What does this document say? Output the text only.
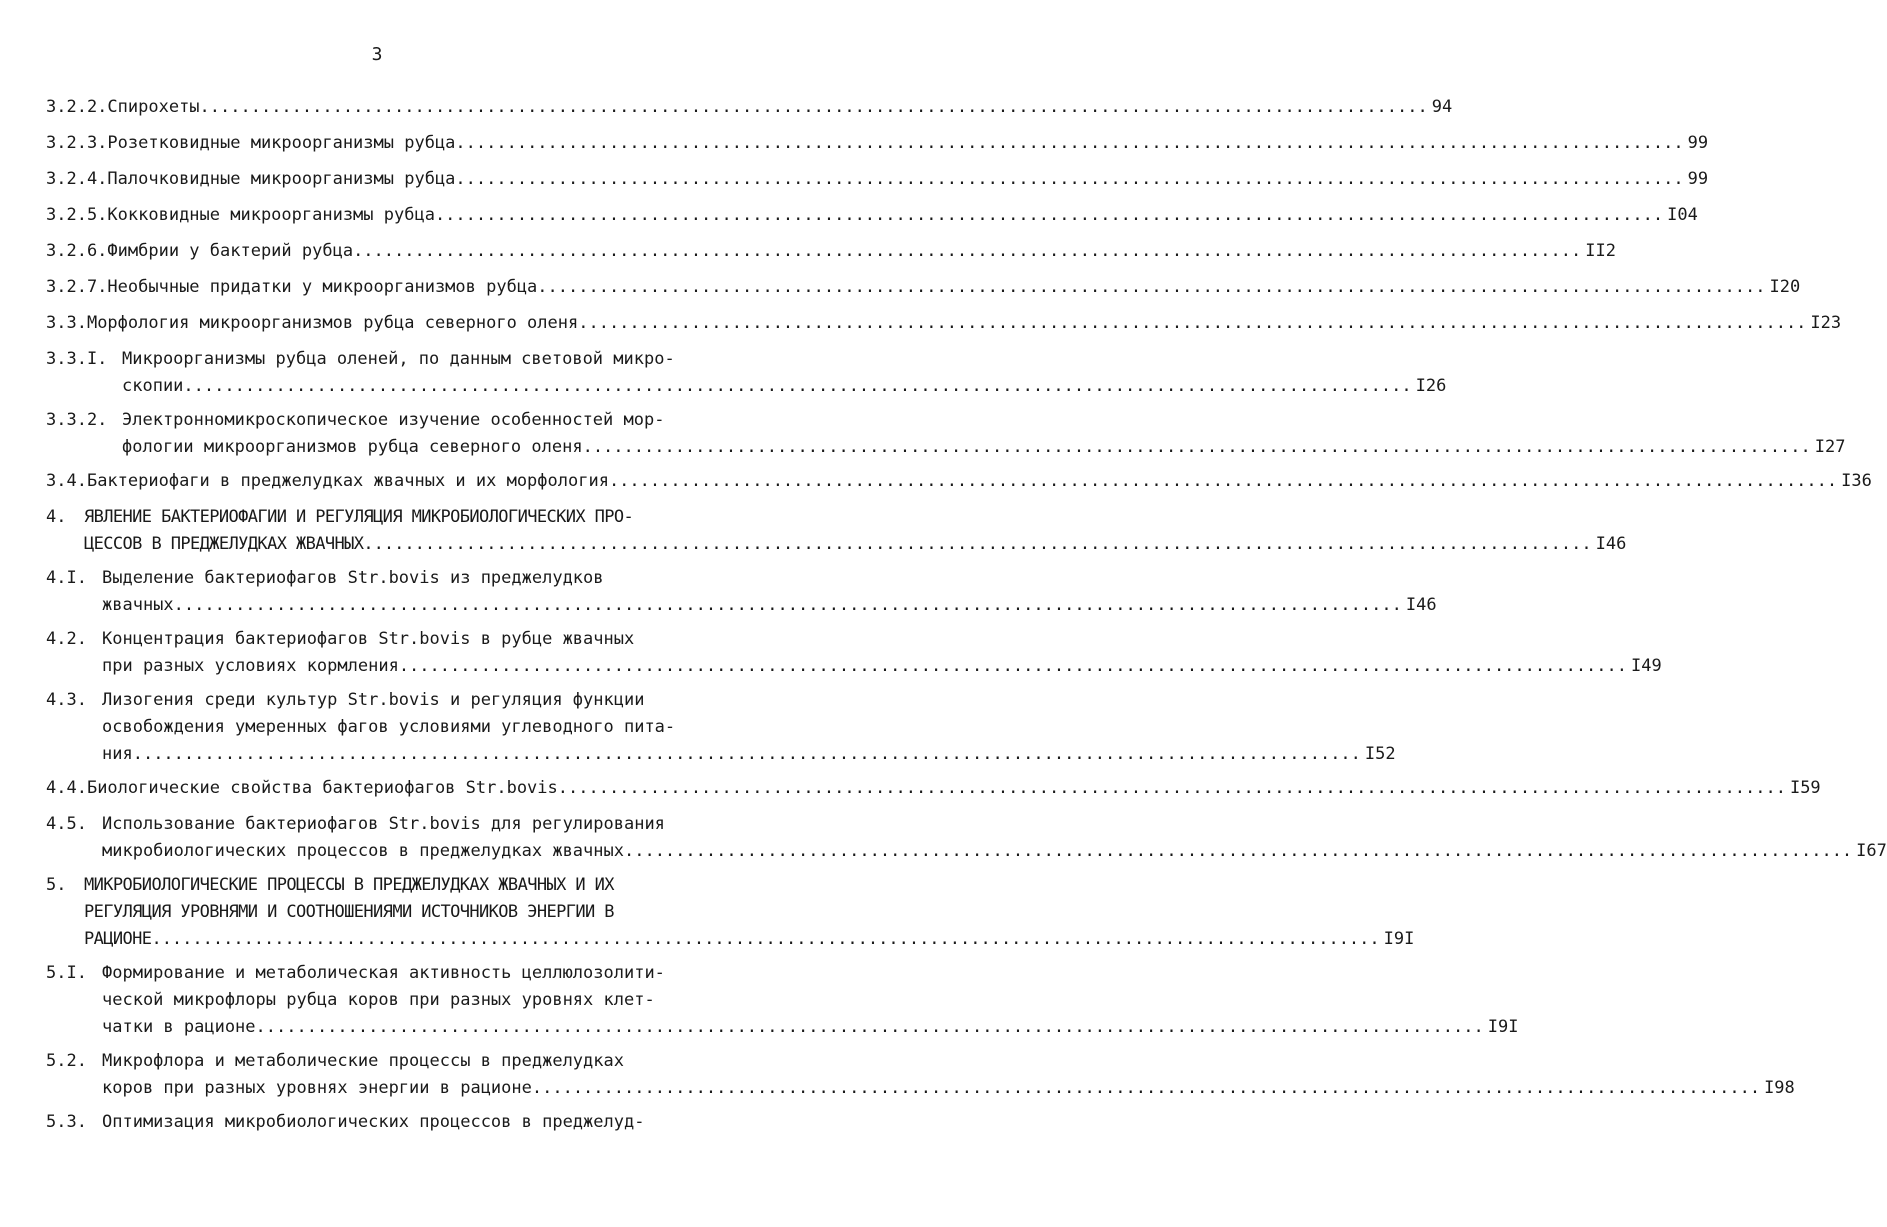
3
3.2.2. Спирохеты ........................................................................................................................ 94
3.2.3. Розетковидные микроорганизмы рубца ........................................................................................................................ 99
3.2.4. Палочковидные микроорганизмы рубца ........................................................................................................................ 99
3.2.5. Кокковидные микроорганизмы рубца ........................................................................................................................ I04
3.2.6. Фимбрии у бактерий рубца ........................................................................................................................ II2
3.2.7. Необычные придатки у микроорганизмов рубца ........................................................................................................................ I20
3.3. Морфология микроорганизмов рубца северного оленя ........................................................................................................................ I23
3.3.I. Микроорганизмы рубца оленей, по данным световой микро-
скопии ........................................................................................................................ I26
3.3.2. Электронномикроскопическое изучение особенностей мор-
фологии микроорганизмов рубца северного оленя ........................................................................................................................ I27
3.4. Бактериофаги в преджелудках жвачных и их морфология ........................................................................................................................ I36
4. ЯВЛЕНИЕ БАКТЕРИОФАГИИ И РЕГУЛЯЦИЯ МИКРОБИОЛОГИЧЕСКИХ ПРО-
ЦЕССОВ В ПРЕДЖЕЛУДКАХ ЖВАЧНЫХ ........................................................................................................................ I46
4.I. Выделение бактериофагов Str.bovis из преджелудков
жвачных ........................................................................................................................ I46
4.2. Концентрация бактериофагов Str.bovis в рубце жвачных
при разных условиях кормления ........................................................................................................................ I49
4.3. Лизогения среди культур Str.bovis и регуляция функции
освобождения умеренных фагов условиями углеводного пита-
ния ........................................................................................................................ I52
4.4. Биологические свойства бактериофагов Str.bovis ........................................................................................................................ I59
4.5. Использование бактериофагов Str.bovis для регулирования
микробиологических процессов в преджелудках жвачных ........................................................................................................................ I67
5. МИКРОБИОЛОГИЧЕСКИЕ ПРОЦЕССЫ В ПРЕДЖЕЛУДКАХ ЖВАЧНЫХ И ИХ
РЕГУЛЯЦИЯ УРОВНЯМИ И СООТНОШЕНИЯМИ ИСТОЧНИКОВ ЭНЕРГИИ В
РАЦИОНЕ ........................................................................................................................ I9I
5.I. Формирование и метаболическая активность целлюлозолити-
ческой микрофлоры рубца коров при разных уровнях клет-
чатки в рационе ........................................................................................................................ I9I
5.2. Микрофлора и метаболические процессы в преджелудках
коров при разных уровнях энергии в рационе ........................................................................................................................ I98
5.3. Оптимизация микробиологических процессов в преджелуд-
